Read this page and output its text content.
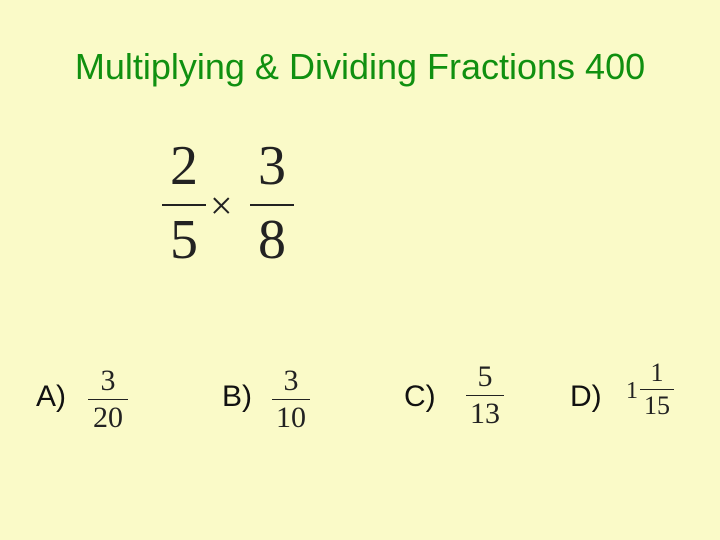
Multiplying & Dividing Fractions 400
2
5
×
3
8
A)	3
20
B)	3
10
C)
5
13
D) 1
1
15
